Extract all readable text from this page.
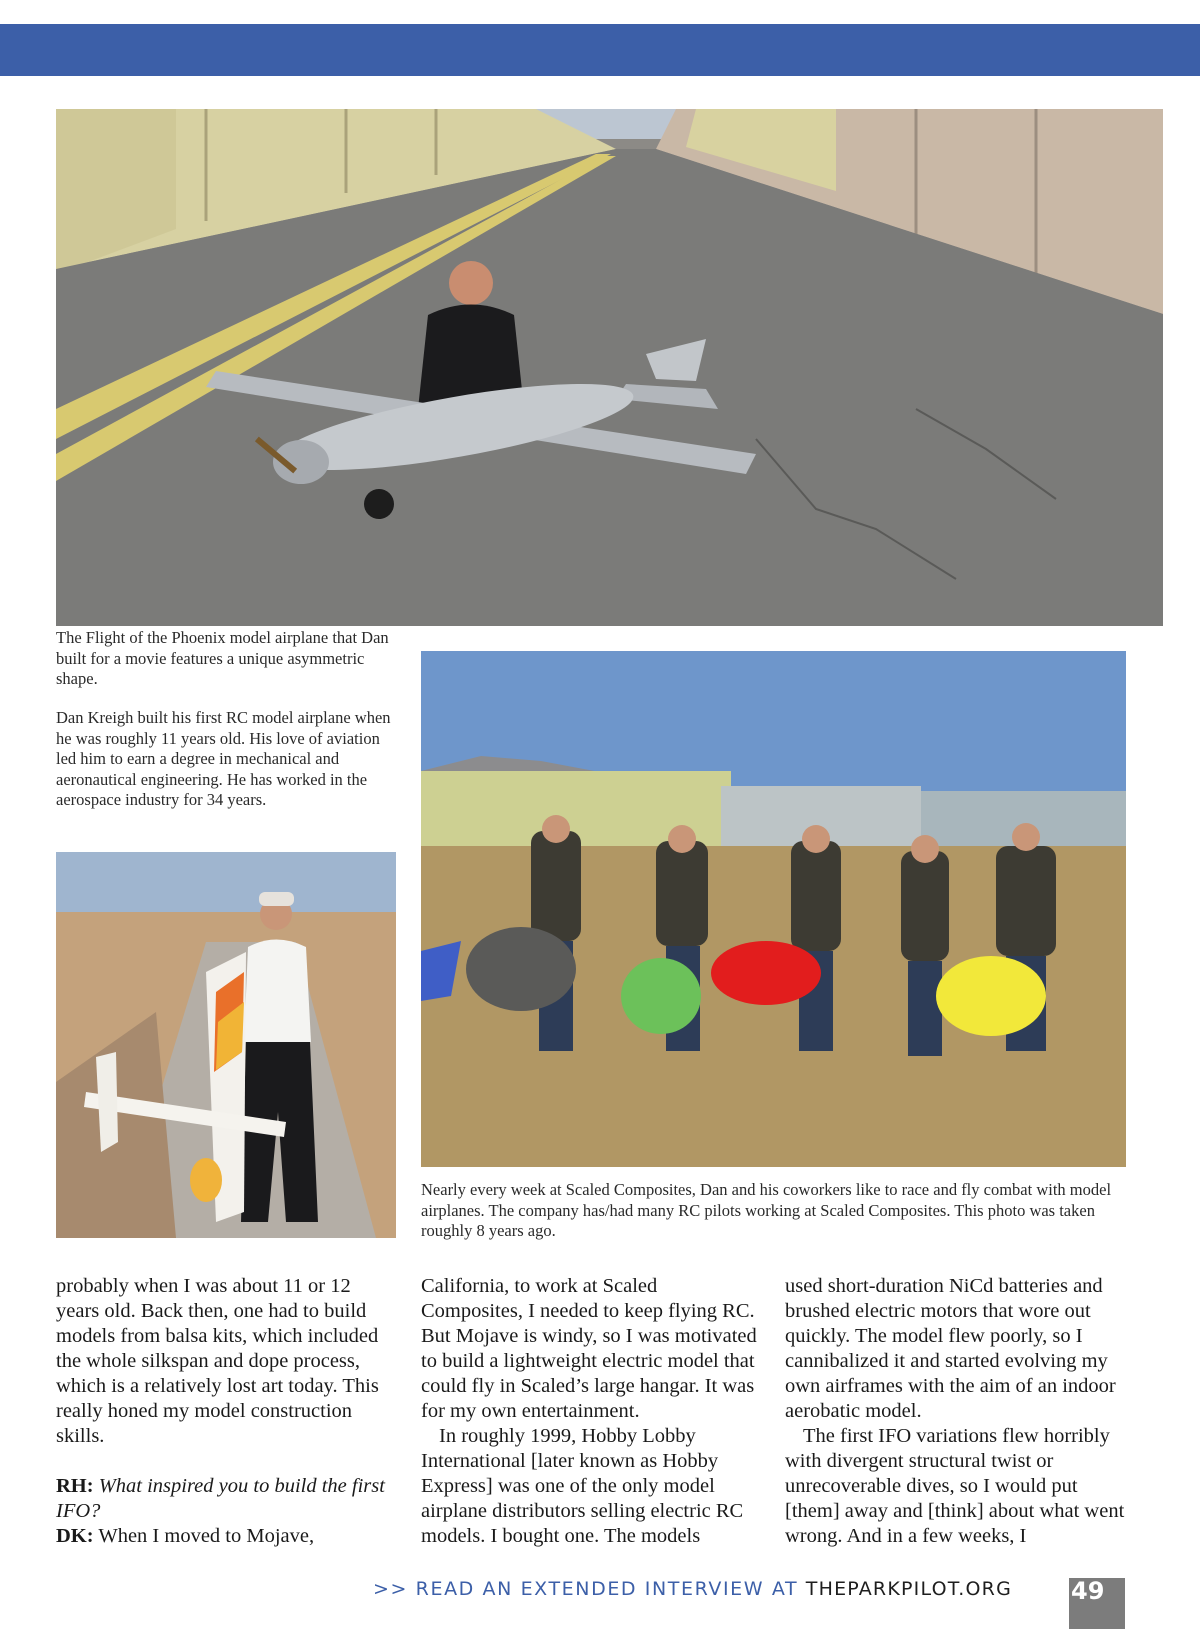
The Flight of the Phoenix model airplane that Dan built for a movie features a unique asymmetric shape.

Dan Kreigh built his first RC model airplane when he was roughly 11 years old. His love of aviation led him to earn a degree in mechanical and aeronautical engineering. He has worked in the aerospace industry for 34 years.

Nearly every week at Scaled Composites, Dan and his coworkers like to race and fly combat with model airplanes. The company has/had many RC pilots working at Scaled Composites. This photo was taken roughly 8 years ago.

probably when I was about 11 or 12 years old. Back then, one had to build models from balsa kits, which included the whole silkspan and dope process, which is a relatively lost art today. This really honed my model construction skills.

RH: What inspired you to build the first IFO?

DK: When I moved to Mojave,

California, to work at Scaled Composites, I needed to keep flying RC. But Mojave is windy, so I was motivated to build a lightweight electric model that could fly in Scaled’s large hangar. It was for my own entertainment.

In roughly 1999, Hobby Lobby International [later known as Hobby Express] was one of the only model airplane distributors selling electric RC models. I bought one. The models

used short-duration NiCd batteries and brushed electric motors that wore out quickly. The model flew poorly, so I cannibalized it and started evolving my own airframes with the aim of an indoor aerobatic model.

The first IFO variations flew horribly with divergent structural twist or unrecoverable dives, so I would put [them] away and [think] about what went wrong. And in a few weeks, I

>> READ AN EXTENDED INTERVIEW AT THEPARKPILOT.ORG 49
